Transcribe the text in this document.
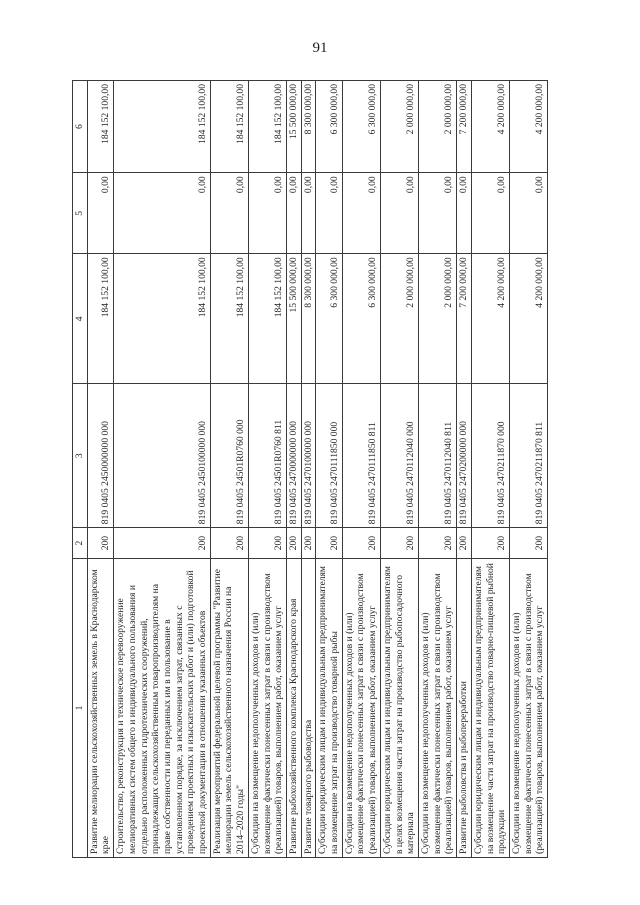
91
1	2	3	4	5	6
Развитие мелиорации сельскохозяйственных земель в Краснодарском крае	200	819 0405 2450000000 000	184 152 100,00	0,00	184 152 100,00
Строительство, реконструкция и техническое перевооружение мелиоративных систем общего и индивидуального пользования и отдельно расположенных гидротехнических сооружений, принадлежащих сельскохозяйственным товаропроизводителям на праве собственности или переданных им в пользование в установленном порядке, за исключением затрат, связанных с проведением проектных и изыскательских работ и (или) подготовкой проектной документации в отношении указанных объектов	200	819 0405 2450100000 000	184 152 100,00	0,00	184 152 100,00
Реализация мероприятий федеральной целевой программы "Развитие мелиорации земель сельскохозяйственного назначения России на 2014–2020 годы"	200	819 0405 24501R0760 000	184 152 100,00	0,00	184 152 100,00
Субсидии на возмещение недополученных доходов и (или) возмещение фактически понесенных затрат в связи с производством (реализацией) товаров, выполнением работ, оказанием услуг	200	819 0405 24501R0760 811	184 152 100,00	0,00	184 152 100,00
Развитие рыбохозяйственного комплекса Краснодарского края	200	819 0405 2470000000 000	15 500 000,00	0,00	15 500 000,00
Развитие товарного рыбоводства	200	819 0405 2470100000 000	8 300 000,00	0,00	8 300 000,00
Субсидии юридическим лицам и индивидуальным предпринимателям на возмещение затрат на производство товарной рыбы	200	819 0405 2470111850 000	6 300 000,00	0,00	6 300 000,00
Субсидии на возмещение недополученных доходов и (или) возмещение фактически понесенных затрат в связи с производством (реализацией) товаров, выполнением работ, оказанием услуг	200	819 0405 2470111850 811	6 300 000,00	0,00	6 300 000,00
Субсидии юридическим лицам и индивидуальным предпринимателям в целях возмещения части затрат на производство рыбопосадочного материала	200	819 0405 2470112040 000	2 000 000,00	0,00	2 000 000,00
Субсидии на возмещение недополученных доходов и (или) возмещение фактически понесенных затрат в связи с производством (реализацией) товаров, выполнением работ, оказанием услуг	200	819 0405 2470112040 811	2 000 000,00	0,00	2 000 000,00
Развитие рыболовства и рыбопереработки	200	819 0405 2470200000 000	7 200 000,00	0,00	7 200 000,00
Субсидии юридическим лицам и индивидуальным предпринимателям на возмещение части затрат на производство товарно-пищевой рыбной продукции	200	819 0405 2470211870 000	4 200 000,00	0,00	4 200 000,00
Субсидии на возмещение недополученных доходов и (или) возмещение фактически понесенных затрат в связи с производством (реализацией) товаров, выполнением работ, оказанием услуг	200	819 0405 2470211870 811	4 200 000,00	0,00	4 200 000,00
